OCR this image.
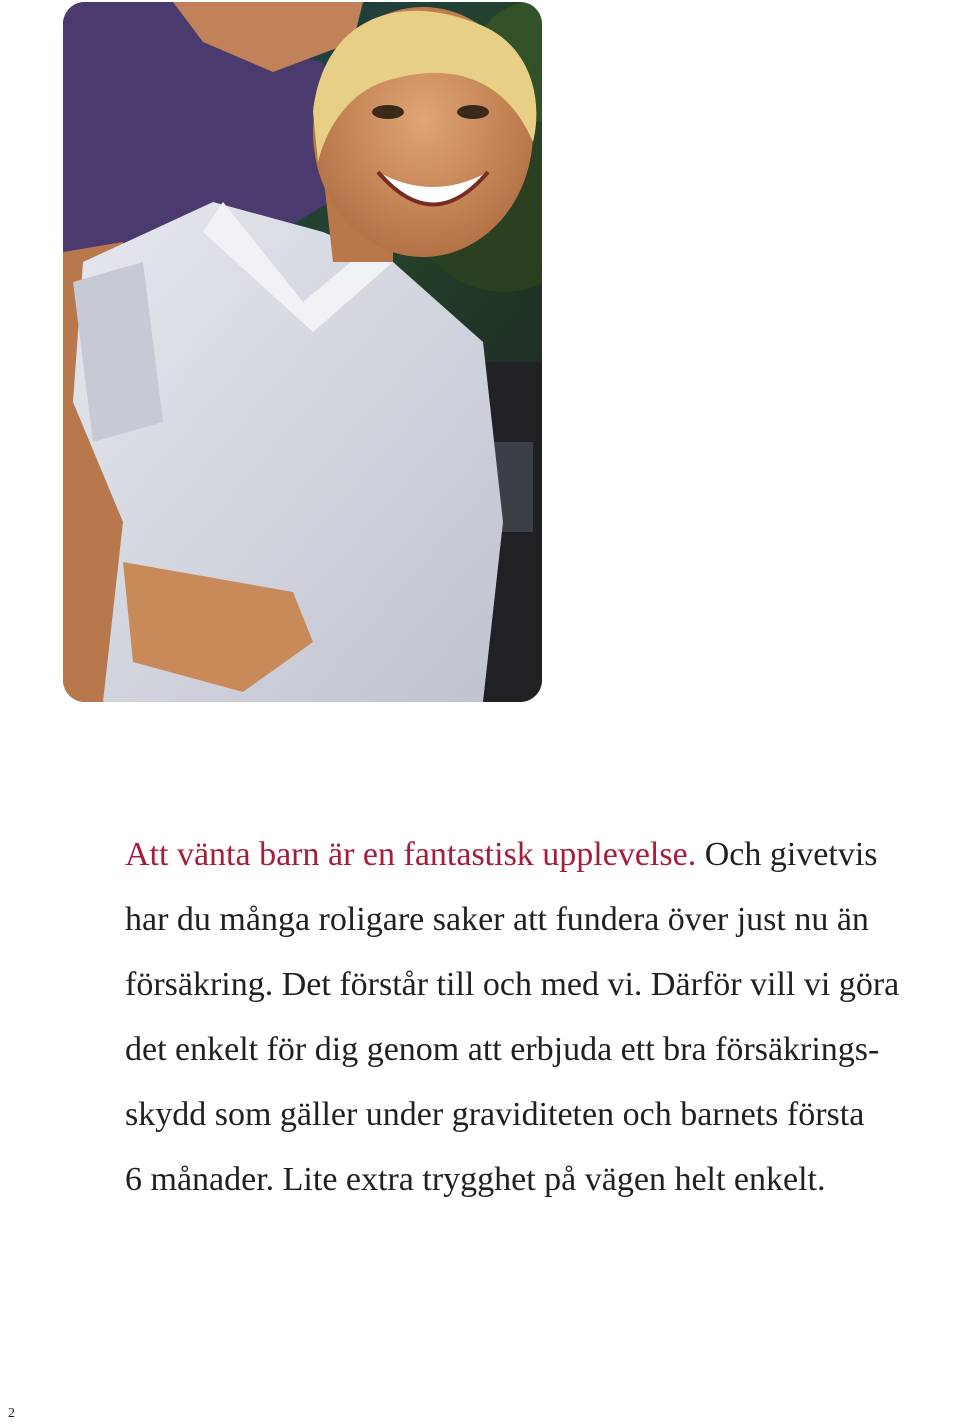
Att vänta barn är en fantastisk upplevelse. Och givetvis
har du många roligare saker att fundera över just nu än
försäkring. Det förstår till och med vi. Därför vill vi göra
det enkelt för dig genom att erbjuda ett bra försäkrings-
skydd som gäller under graviditeten och barnets första
6 månader. Lite extra trygghet på vägen helt enkelt.

2
